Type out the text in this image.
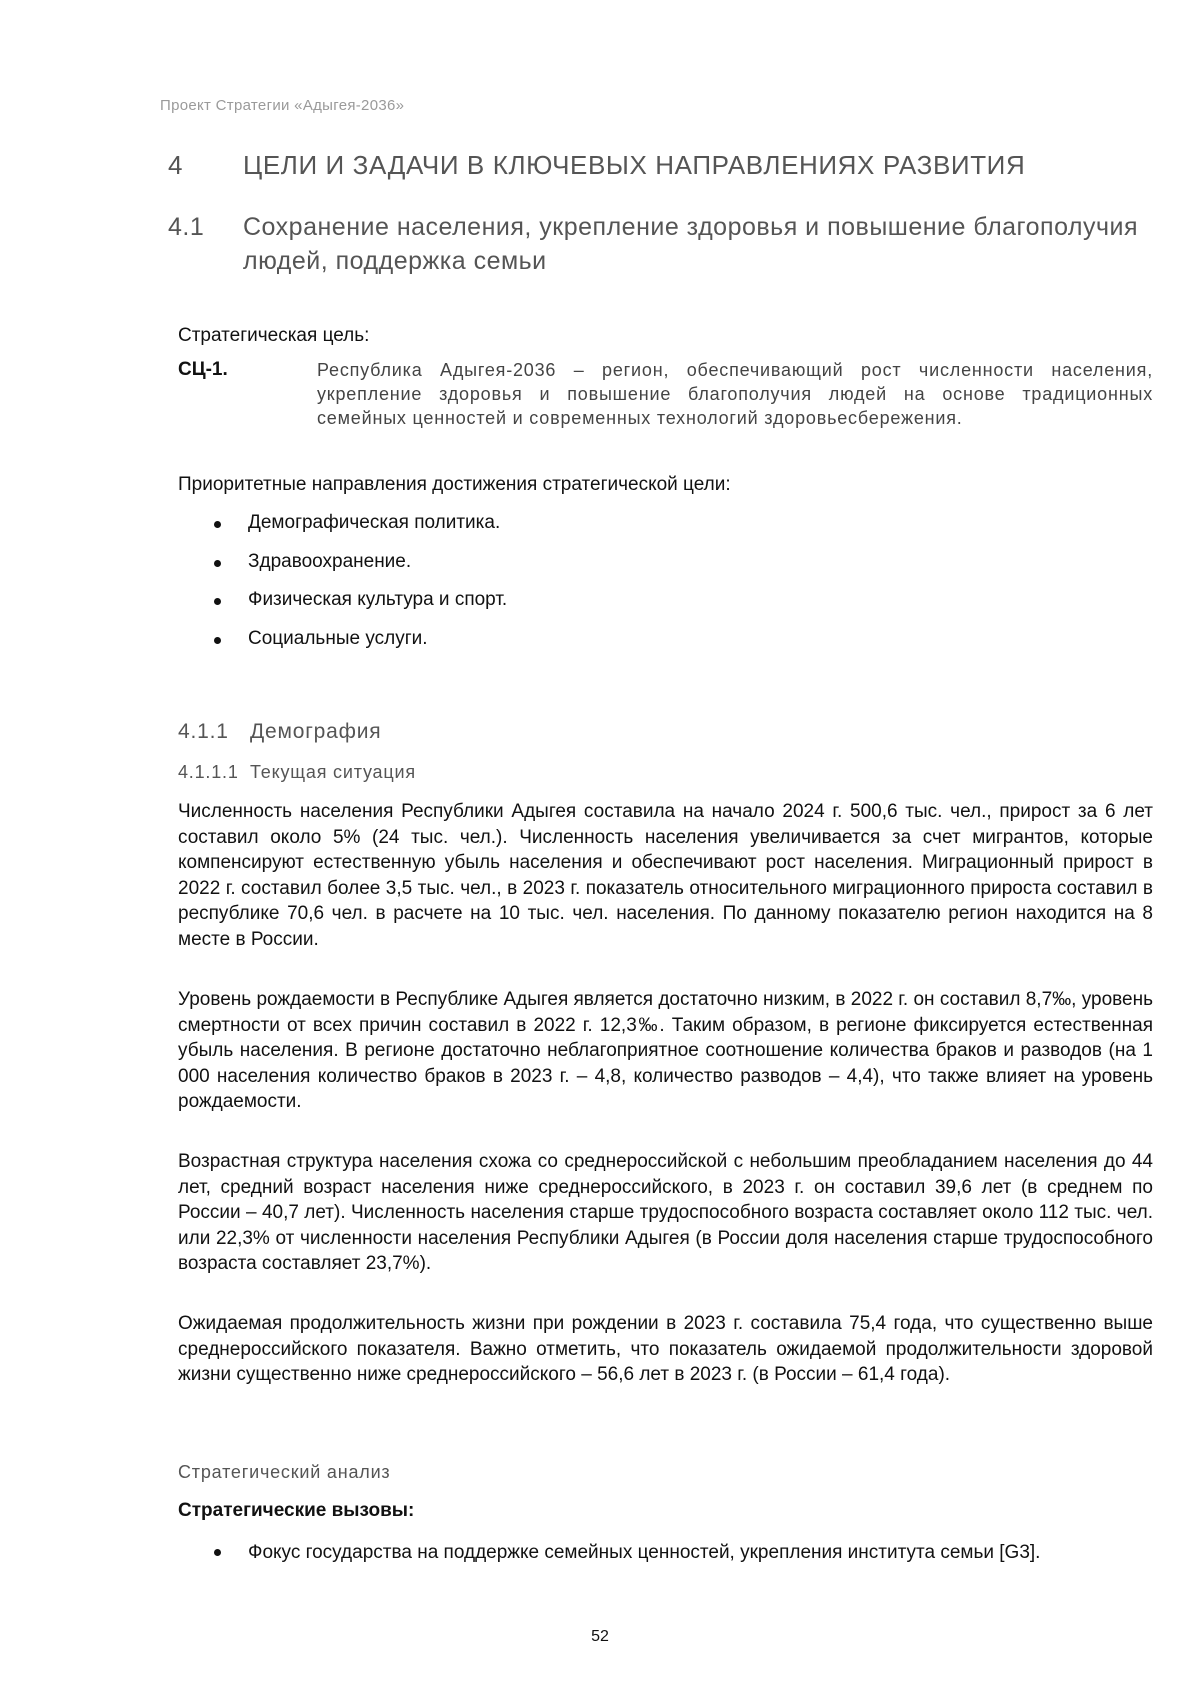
Проект Стратегии «Адыгея-2036»
4 ЦЕЛИ И ЗАДАЧИ В КЛЮЧЕВЫХ НАПРАВЛЕНИЯХ РАЗВИТИЯ
4.1 Сохранение населения, укрепление здоровья и повышение благополучия людей, поддержка семьи
Стратегическая цель:
СЦ-1.	Республика Адыгея-2036 – регион, обеспечивающий рост численности населения, укрепление здоровья и повышение благополучия людей на основе традиционных семейных ценностей и современных технологий здоровьесбережения.
Приоритетные направления достижения стратегической цели:
Демографическая политика.
Здравоохранение.
Физическая культура и спорт.
Социальные услуги.
4.1.1 Демография
4.1.1.1 Текущая ситуация

Численность населения Республики Адыгея составила на начало 2024 г. 500,6 тыс. чел., прирост за 6 лет составил около 5% (24 тыс. чел.). Численность населения увеличивается за счет мигрантов, которые компенсируют естественную убыль населения и обеспечивают рост населения. Миграционный прирост в 2022 г. составил более 3,5 тыс. чел., в 2023 г. показатель относительного миграционного прироста составил в республике 70,6 чел. в расчете на 10 тыс. чел. населения. По данному показателю регион находится на 8 месте в России.

Уровень рождаемости в Республике Адыгея является достаточно низким, в 2022 г. он составил 8,7‰, уровень смертности от всех причин составил в 2022 г. 12,3‰. Таким образом, в регионе фиксируется естественная убыль населения. В регионе достаточно неблагоприятное соотношение количества браков и разводов (на 1 000 населения количество браков в 2023 г. – 4,8, количество разводов – 4,4), что также влияет на уровень рождаемости.

Возрастная структура населения схожа со среднероссийской с небольшим преобладанием населения до 44 лет, средний возраст населения ниже среднероссийского, в 2023 г. он составил 39,6 лет (в среднем по России – 40,7 лет). Численность населения старше трудоспособного возраста составляет около 112 тыс. чел. или 22,3% от численности населения Республики Адыгея (в России доля населения старше трудоспособного возраста составляет 23,7%).

Ожидаемая продолжительность жизни при рождении в 2023 г. составила 75,4 года, что существенно выше среднероссийского показателя. Важно отметить, что показатель ожидаемой продолжительности здоровой жизни существенно ниже среднероссийского – 56,6 лет в 2023 г. (в России – 61,4 года).

Стратегический анализ
Стратегические вызовы:
Фокус государства на поддержке семейных ценностей, укрепления института семьи [G3].
52
